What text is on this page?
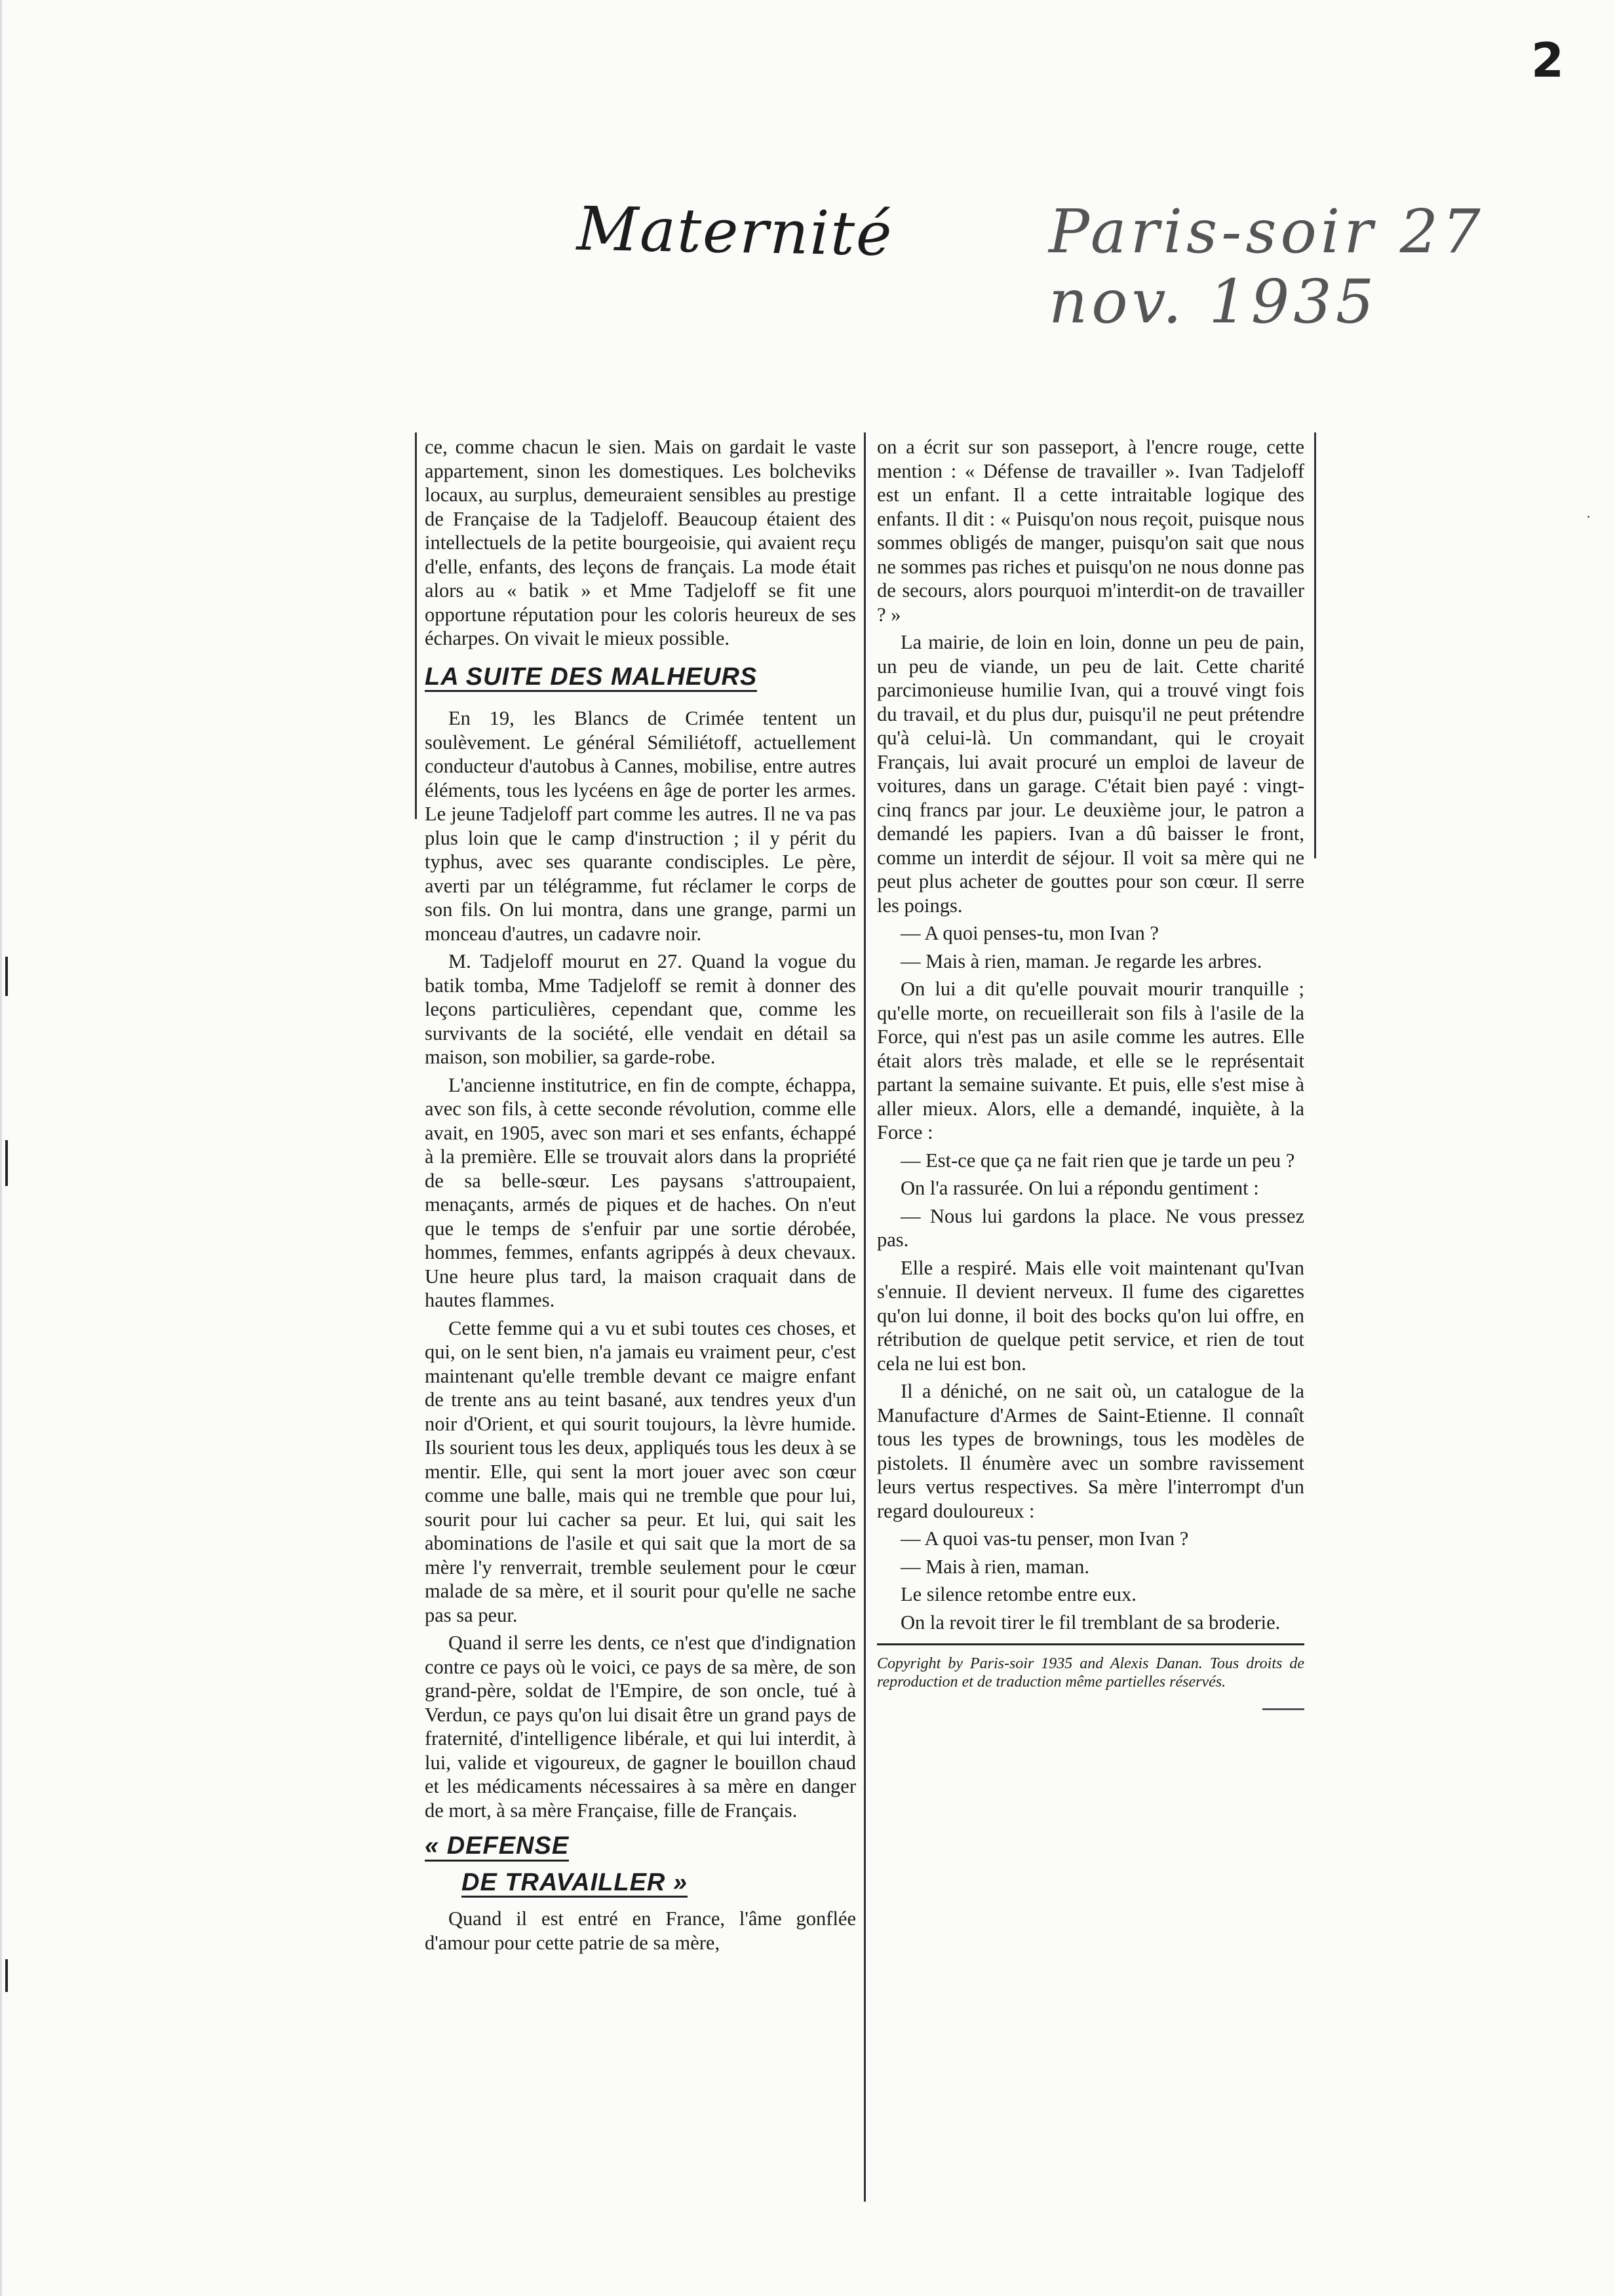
2
Maternité	Paris-soir 27 nov. 1935
·

ce, comme chacun le sien. Mais on gardait le vaste appartement, sinon les domestiques. Les bolcheviks locaux, au surplus, demeuraient sensibles au prestige de Française de la Tadjeloff. Beaucoup étaient des intellectuels de la petite bourgeoisie, qui avaient reçu d'elle, enfants, des leçons de français. La mode était alors au « batik » et Mme Tadjeloff se fit une opportune réputation pour les coloris heureux de ses écharpes. On vivait le mieux possible.

LA SUITE DES MALHEURS

En 19, les Blancs de Crimée tentent un soulèvement. Le général Sémiliétoff, actuellement conducteur d'autobus à Cannes, mobilise, entre autres éléments, tous les lycéens en âge de porter les armes. Le jeune Tadjeloff part comme les autres. Il ne va pas plus loin que le camp d'instruction ; il y périt du typhus, avec ses quarante condisciples. Le père, averti par un télégramme, fut réclamer le corps de son fils. On lui montra, dans une grange, parmi un monceau d'autres, un cadavre noir.

M. Tadjeloff mourut en 27. Quand la vogue du batik tomba, Mme Tadjeloff se remit à donner des leçons particulières, cependant que, comme les survivants de la société, elle vendait en détail sa maison, son mobilier, sa garde-robe.

L'ancienne institutrice, en fin de compte, échappa, avec son fils, à cette seconde révolution, comme elle avait, en 1905, avec son mari et ses enfants, échappé à la première. Elle se trouvait alors dans la propriété de sa belle-sœur. Les paysans s'attroupaient, menaçants, armés de piques et de haches. On n'eut que le temps de s'enfuir par une sortie dérobée, hommes, femmes, enfants agrippés à deux chevaux. Une heure plus tard, la maison craquait dans de hautes flammes.

Cette femme qui a vu et subi toutes ces choses, et qui, on le sent bien, n'a jamais eu vraiment peur, c'est maintenant qu'elle tremble devant ce maigre enfant de trente ans au teint basané, aux tendres yeux d'un noir d'Orient, et qui sourit toujours, la lèvre humide. Ils sourient tous les deux, appliqués tous les deux à se mentir. Elle, qui sent la mort jouer avec son cœur comme une balle, mais qui ne tremble que pour lui, sourit pour lui cacher sa peur. Et lui, qui sait les abominations de l'asile et qui sait que la mort de sa mère l'y renverrait, tremble seulement pour le cœur malade de sa mère, et il sourit pour qu'elle ne sache pas sa peur.

Quand il serre les dents, ce n'est que d'indignation contre ce pays où le voici, ce pays de sa mère, de son grand-père, soldat de l'Empire, de son oncle, tué à Verdun, ce pays qu'on lui disait être un grand pays de fraternité, d'intelligence libérale, et qui lui interdit, à lui, valide et vigoureux, de gagner le bouillon chaud et les médicaments nécessaires à sa mère en danger de mort, à sa mère Française, fille de Français.

« DEFENSE
DE TRAVAILLER »

Quand il est entré en France, l'âme gonflée d'amour pour cette patrie de sa mère,

on a écrit sur son passeport, à l'encre rouge, cette mention : « Défense de travailler ». Ivan Tadjeloff est un enfant. Il a cette intraitable logique des enfants. Il dit : « Puisqu'on nous reçoit, puisque nous sommes obligés de manger, puisqu'on sait que nous ne sommes pas riches et puisqu'on ne nous donne pas de secours, alors pourquoi m'interdit-on de travailler ? »

La mairie, de loin en loin, donne un peu de pain, un peu de viande, un peu de lait. Cette charité parcimonieuse humilie Ivan, qui a trouvé vingt fois du travail, et du plus dur, puisqu'il ne peut prétendre qu'à celui-là. Un commandant, qui le croyait Français, lui avait procuré un emploi de laveur de voitures, dans un garage. C'était bien payé : vingt-cinq francs par jour. Le deuxième jour, le patron a demandé les papiers. Ivan a dû baisser le front, comme un interdit de séjour. Il voit sa mère qui ne peut plus acheter de gouttes pour son cœur. Il serre les poings.

— A quoi penses-tu, mon Ivan ?

— Mais à rien, maman. Je regarde les arbres.

On lui a dit qu'elle pouvait mourir tranquille ; qu'elle morte, on recueillerait son fils à l'asile de la Force, qui n'est pas un asile comme les autres. Elle était alors très malade, et elle se le représentait partant la semaine suivante. Et puis, elle s'est mise à aller mieux. Alors, elle a demandé, inquiète, à la Force :

— Est-ce que ça ne fait rien que je tarde un peu ?

On l'a rassurée. On lui a répondu gentiment :

— Nous lui gardons la place. Ne vous pressez pas.

Elle a respiré. Mais elle voit maintenant qu'Ivan s'ennuie. Il devient nerveux. Il fume des cigarettes qu'on lui donne, il boit des bocks qu'on lui offre, en rétribution de quelque petit service, et rien de tout cela ne lui est bon.

Il a déniché, on ne sait où, un catalogue de la Manufacture d'Armes de Saint-Etienne. Il connaît tous les types de brownings, tous les modèles de pistolets. Il énumère avec un sombre ravissement leurs vertus respectives. Sa mère l'interrompt d'un regard douloureux :

— A quoi vas-tu penser, mon Ivan ?

— Mais à rien, maman.

Le silence retombe entre eux.

On la revoit tirer le fil tremblant de sa broderie.

Copyright by Paris-soir 1935 and Alexis Danan. Tous droits de reproduction et de traduction même partielles réservés.
